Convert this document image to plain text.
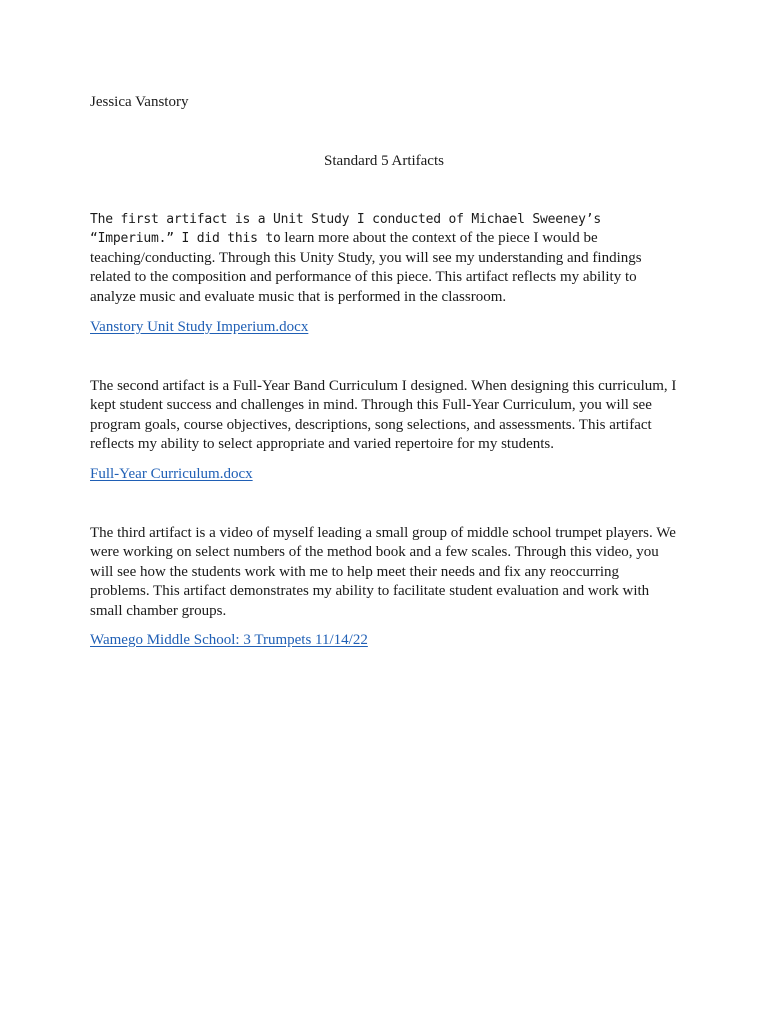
Jessica Vanstory

Standard 5 Artifacts

The first artifact is a Unit Study I conducted of Michael Sweeney’s “Imperium.” I did this to learn more about the context of the piece I would be teaching/conducting. Through this Unity Study, you will see my understanding and findings related to the composition and performance of this piece. This artifact reflects my ability to analyze music and evaluate music that is performed in the classroom.

Vanstory Unit Study Imperium.docx

The second artifact is a Full-Year Band Curriculum I designed. When designing this curriculum, I kept student success and challenges in mind. Through this Full-Year Curriculum, you will see program goals, course objectives, descriptions, song selections, and assessments. This artifact reflects my ability to select appropriate and varied repertoire for my students.

Full-Year Curriculum.docx

The third artifact is a video of myself leading a small group of middle school trumpet players. We were working on select numbers of the method book and a few scales. Through this video, you will see how the students work with me to help meet their needs and fix any reoccurring problems. This artifact demonstrates my ability to facilitate student evaluation and work with small chamber groups.

Wamego Middle School: 3 Trumpets 11/14/22
